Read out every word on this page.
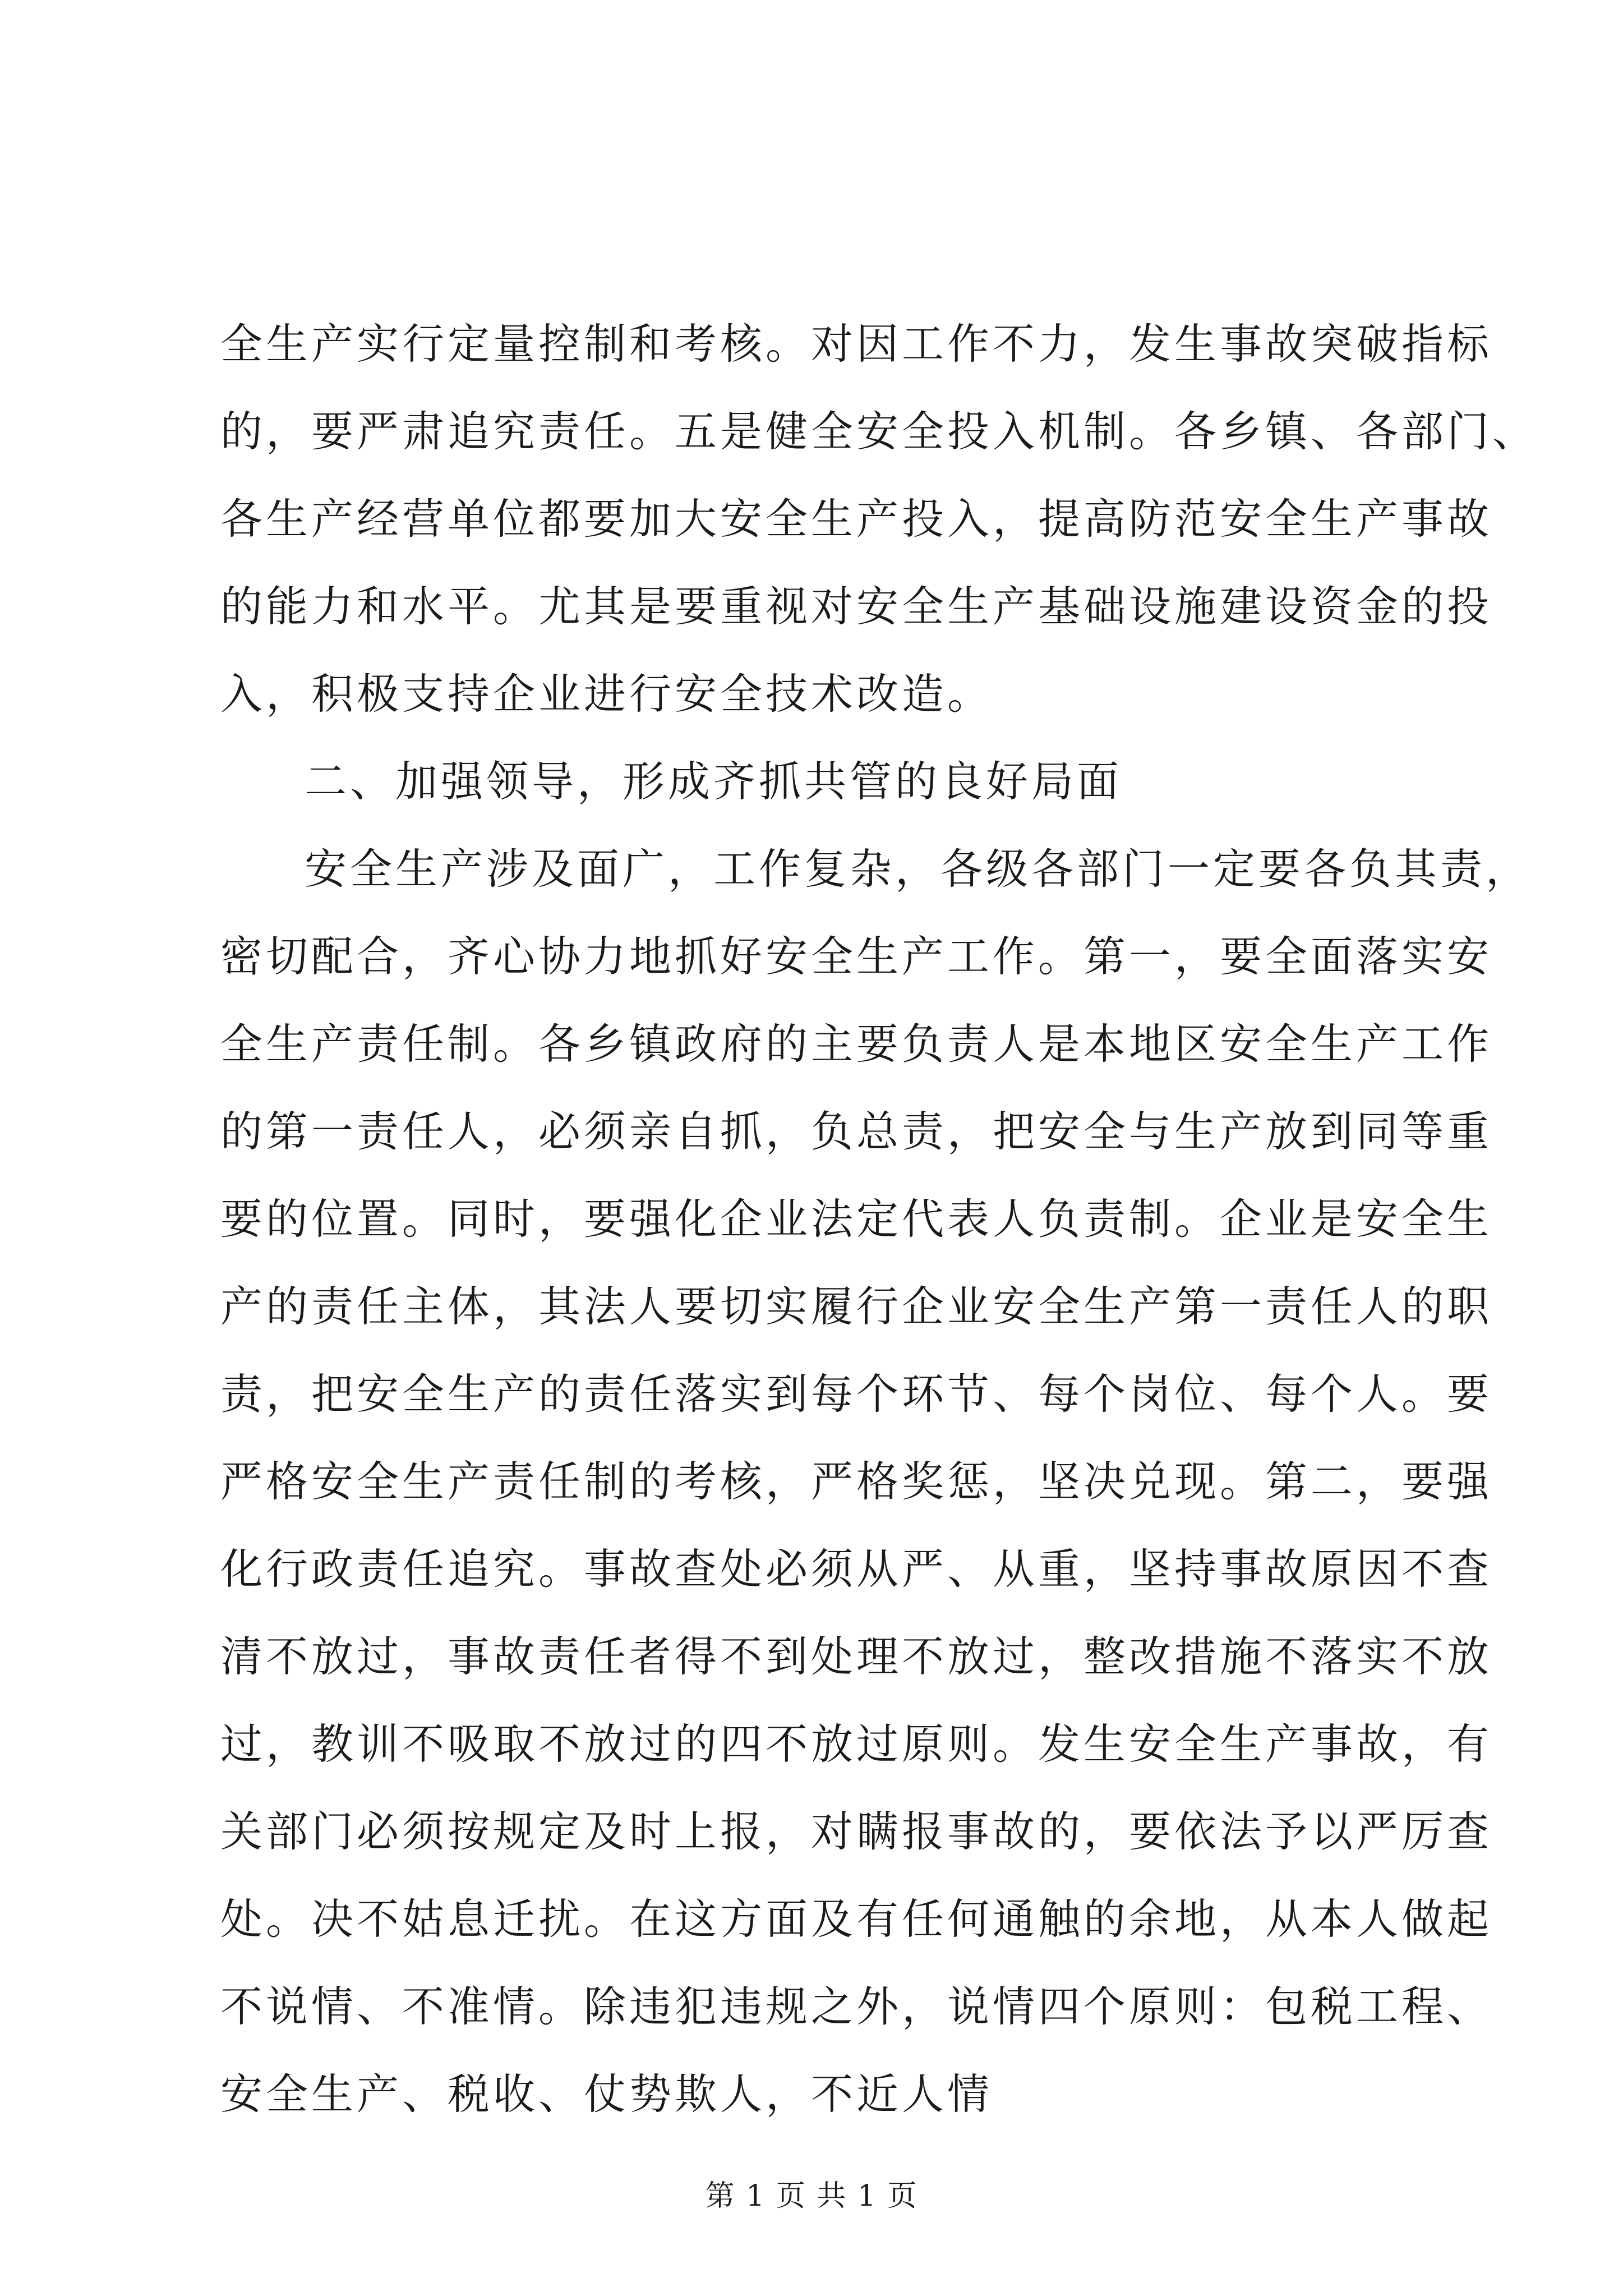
全生产实行定量控制和考核。对因工作不力，发生事故突破指标
的，要严肃追究责任。五是健全安全投入机制。各乡镇、各部门、
各生产经营单位都要加大安全生产投入，提高防范安全生产事故
的能力和水平。尤其是要重视对安全生产基础设施建设资金的投
入，积极支持企业进行安全技术改造。
二、加强领导，形成齐抓共管的良好局面
安全生产涉及面广，工作复杂，各级各部门一定要各负其责，
密切配合，齐心协力地抓好安全生产工作。第一，要全面落实安
全生产责任制。各乡镇政府的主要负责人是本地区安全生产工作
的第一责任人，必须亲自抓，负总责，把安全与生产放到同等重
要的位置。同时，要强化企业法定代表人负责制。企业是安全生
产的责任主体，其法人要切实履行企业安全生产第一责任人的职
责，把安全生产的责任落实到每个环节、每个岗位、每个人。要
严格安全生产责任制的考核，严格奖惩，坚决兑现。第二，要强
化行政责任追究。事故查处必须从严、从重，坚持事故原因不查
清不放过，事故责任者得不到处理不放过，整改措施不落实不放
过，教训不吸取不放过的四不放过原则。发生安全生产事故，有
关部门必须按规定及时上报，对瞒报事故的，要依法予以严厉查
处。决不姑息迁扰。在这方面及有任何通触的余地，从本人做起
不说情、不准情。除违犯违规之外，说情四个原则：包税工程、
安全生产、税收、仗势欺人，不近人情
第 1 页 共 1 页
